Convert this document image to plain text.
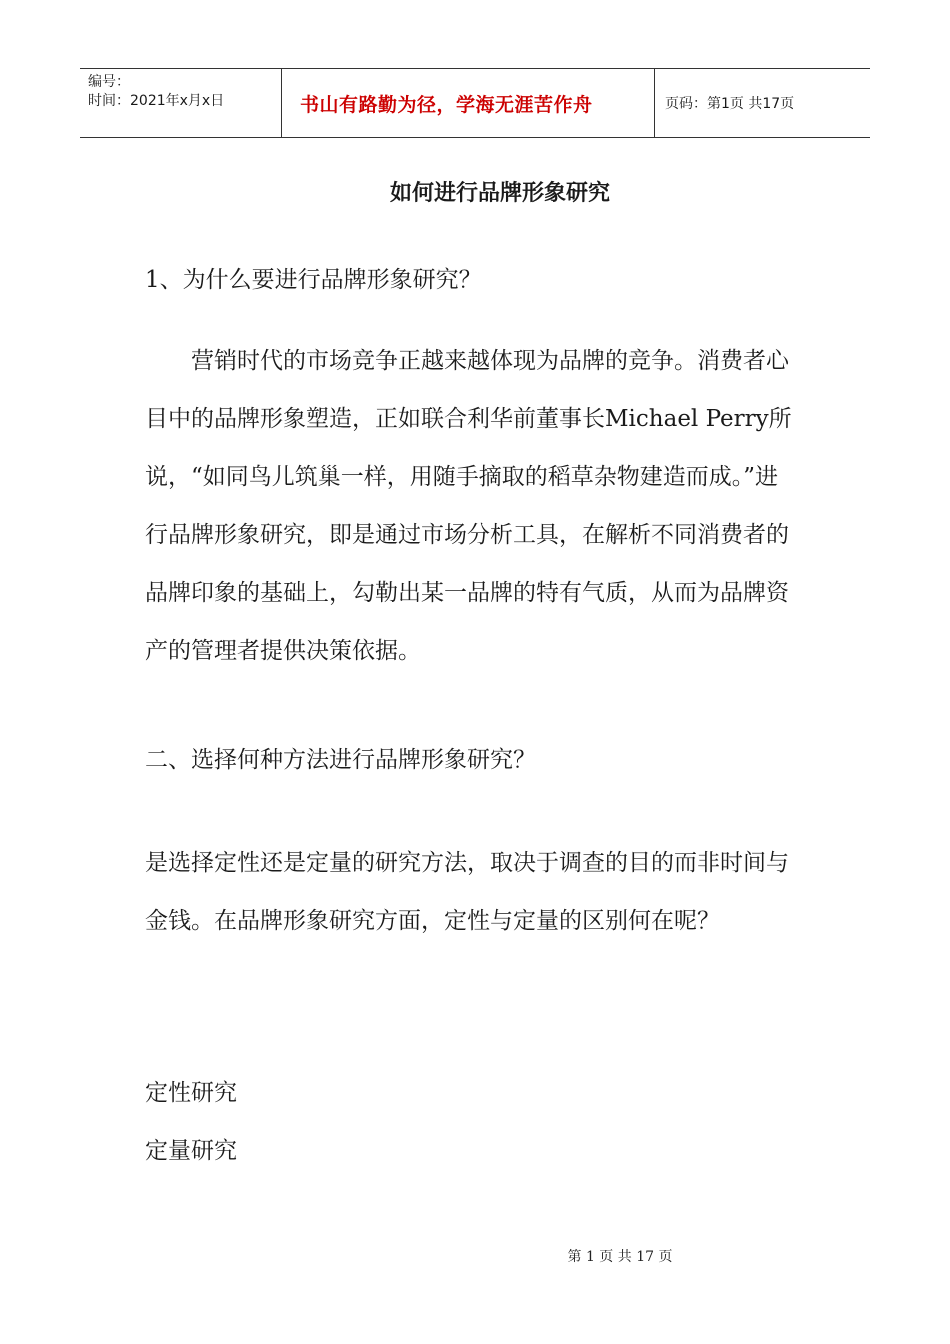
编号：
时间：2021年x月x日	书山有路勤为径，学海无涯苦作舟	页码：第1页 共17页
如何进行品牌形象研究
1、为什么要进行品牌形象研究？

营销时代的市场竞争正越来越体现为品牌的竞争。消费者心目中的品牌形象塑造，正如联合利华前董事长Michael Perry所说，“如同鸟儿筑巢一样，用随手摘取的稻草杂物建造而成。”进行品牌形象研究，即是通过市场分析工具，在解析不同消费者的品牌印象的基础上，勾勒出某一品牌的特有气质，从而为品牌资产的管理者提供决策依据。

二、选择何种方法进行品牌形象研究？

是选择定性还是定量的研究方法，取决于调查的目的而非时间与金钱。在品牌形象研究方面，定性与定量的区别何在呢？

定性研究
定量研究
第 1 页 共 17 页
